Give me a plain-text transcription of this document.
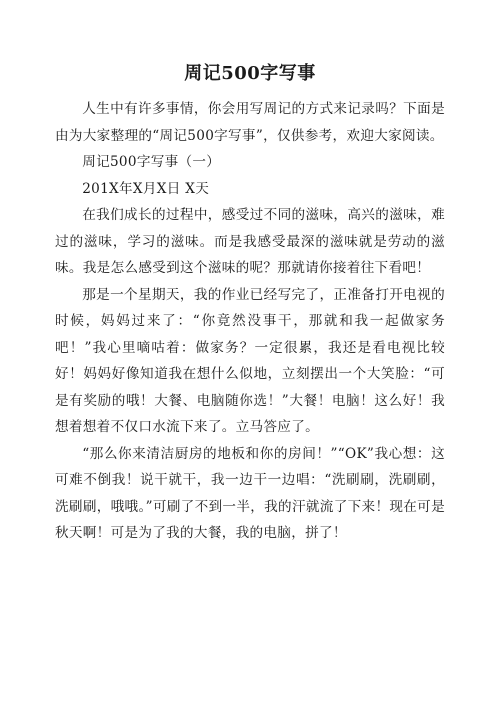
周记500字写事

人生中有许多事情，你会用写周记的方式来记录吗？下面是由为大家整理的“周记500字写事”，仅供参考，欢迎大家阅读。

周记500字写事（一）

201X年X月X日 X天

在我们成长的过程中，感受过不同的滋味，高兴的滋味，难过的滋味，学习的滋味。而是我感受最深的滋味就是劳动的滋味。我是怎么感受到这个滋味的呢？那就请你接着往下看吧！

那是一个星期天，我的作业已经写完了，正准备打开电视的时候，妈妈过来了：“你竟然没事干，那就和我一起做家务吧！”我心里嘀咕着：做家务？一定很累，我还是看电视比较好！妈妈好像知道我在想什么似地，立刻摆出一个大笑脸：“可是有奖励的哦！大餐、电脑随你选！”大餐！电脑！这么好！我想着想着不仅口水流下来了。立马答应了。

“那么你来清洁厨房的地板和你的房间！”“OK”我心想：这可难不倒我！说干就干，我一边干一边唱：“洗刷刷，洗刷刷，洗刷刷，哦哦。”可刷了不到一半，我的汗就流了下来！现在可是秋天啊！可是为了我的大餐，我的电脑，拼了！
